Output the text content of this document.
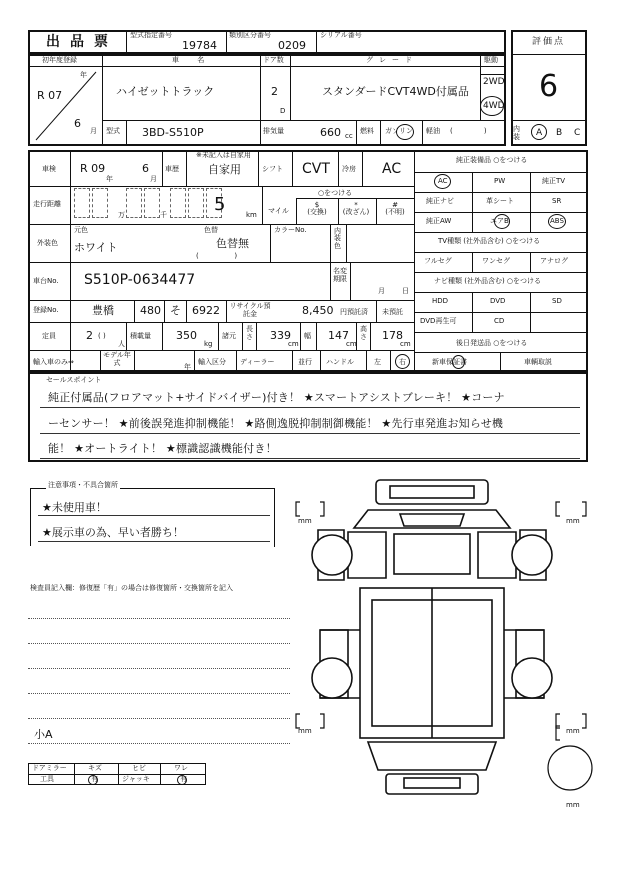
出品票 型式指定番号
19784
類別区分番号
0209
シリアル番号
評価点
6
初年度登録	車 名	ドア数	グレード	駆動
年
R 07
6
月
ハイゼットトラック	2
D
スタンダードCVT4WD付属品
2WD
4WD
型式 3BD-S510P	排気量	660 cc
燃料 ガソリン 軽油 (              )	内装	A B C
車検 R 09
年
6
月
車歴
※未記入は自家用
自家用	シフト CVT 冷房 AC
走行距離
万	千	5	km
○をつける
マイル
$
(交換)
*
(改ざん)
#
(不明)
元色
外装色 ホワイト
色替
色替無
(                )
カラーNo.	内装色
車台No. S510P-0634477
名変期限
月 日
登録No.	豊橋 480 そ 6922 リサイクル預託金	8,450 円預託済 未預託
定員	2 ( )
人
積載量 350
kg
諸元
長さ 339
cm
幅 147
cm
高さ 178
cm
輸入車のみ⇒
モデル年式
年
輸入区分 ディーラー	並行 ハンドル	左	右
純正装備品 ○をつける
AC	PW	純正TV
純正ナビ	革シート	SR
純正AW	エアB	ABS
TV種類 (社外品含む) ○をつける
フルセグ	ワンセグ	アナログ
ナビ種類 (社外品含む) ○をつける
HDD	DVD	SD
DVD再生可	CD
後日発送品 ○をつける
新車保証書	車輌取説
セールスポイント
純正付属品(フロアマット+サイドバイザー)付き！ ★スマートアシストブレーキ！ ★コーナ
ーセンサー！ ★前後誤発進抑制機能！ ★路側逸脱抑制制御機能！ ★先行車発進お知らせ機
能！ ★オートライト！ ★標識認識機能付き！
注意事項・不具合箇所
★未使用車！
★展示車の為、早い者勝ち！
検査員記入欄：修復歴「有」の場合は修復箇所・交換箇所を記入
小A
ドアミラー	キズ	ヒビ	ワレ
工具	有	ジャッキ	有
mm	mm
mm	mm
mm
